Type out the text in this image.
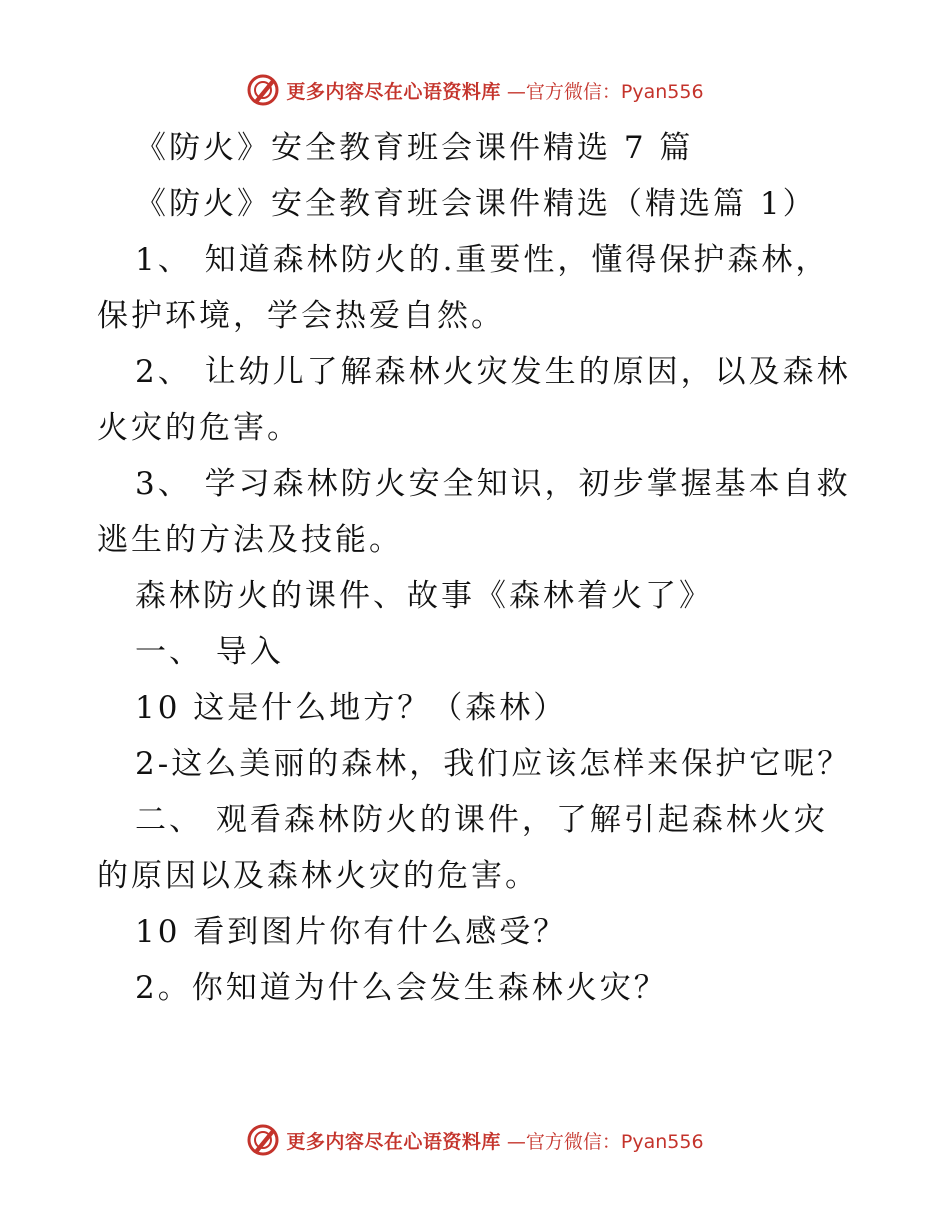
更多内容尽在心语资料库 —官方微信：Pyan556

《防火》安全教育班会课件精选 7 篇

《防火》安全教育班会课件精选（精选篇 1）

1、 知道森林防火的.重要性，懂得保护森林，保护环境，学会热爱自然。

2、 让幼儿了解森林火灾发生的原因，以及森林火灾的危害。

3、 学习森林防火安全知识，初步掌握基本自救逃生的方法及技能。

森林防火的课件、故事《森林着火了》

一、 导入

10 这是什么地方？（森林）

2-这么美丽的森林，我们应该怎样来保护它呢？

二、 观看森林防火的课件，了解引起森林火灾的原因以及森林火灾的危害。

10 看到图片你有什么感受？

2。你知道为什么会发生森林火灾？

更多内容尽在心语资料库 —官方微信：Pyan556
